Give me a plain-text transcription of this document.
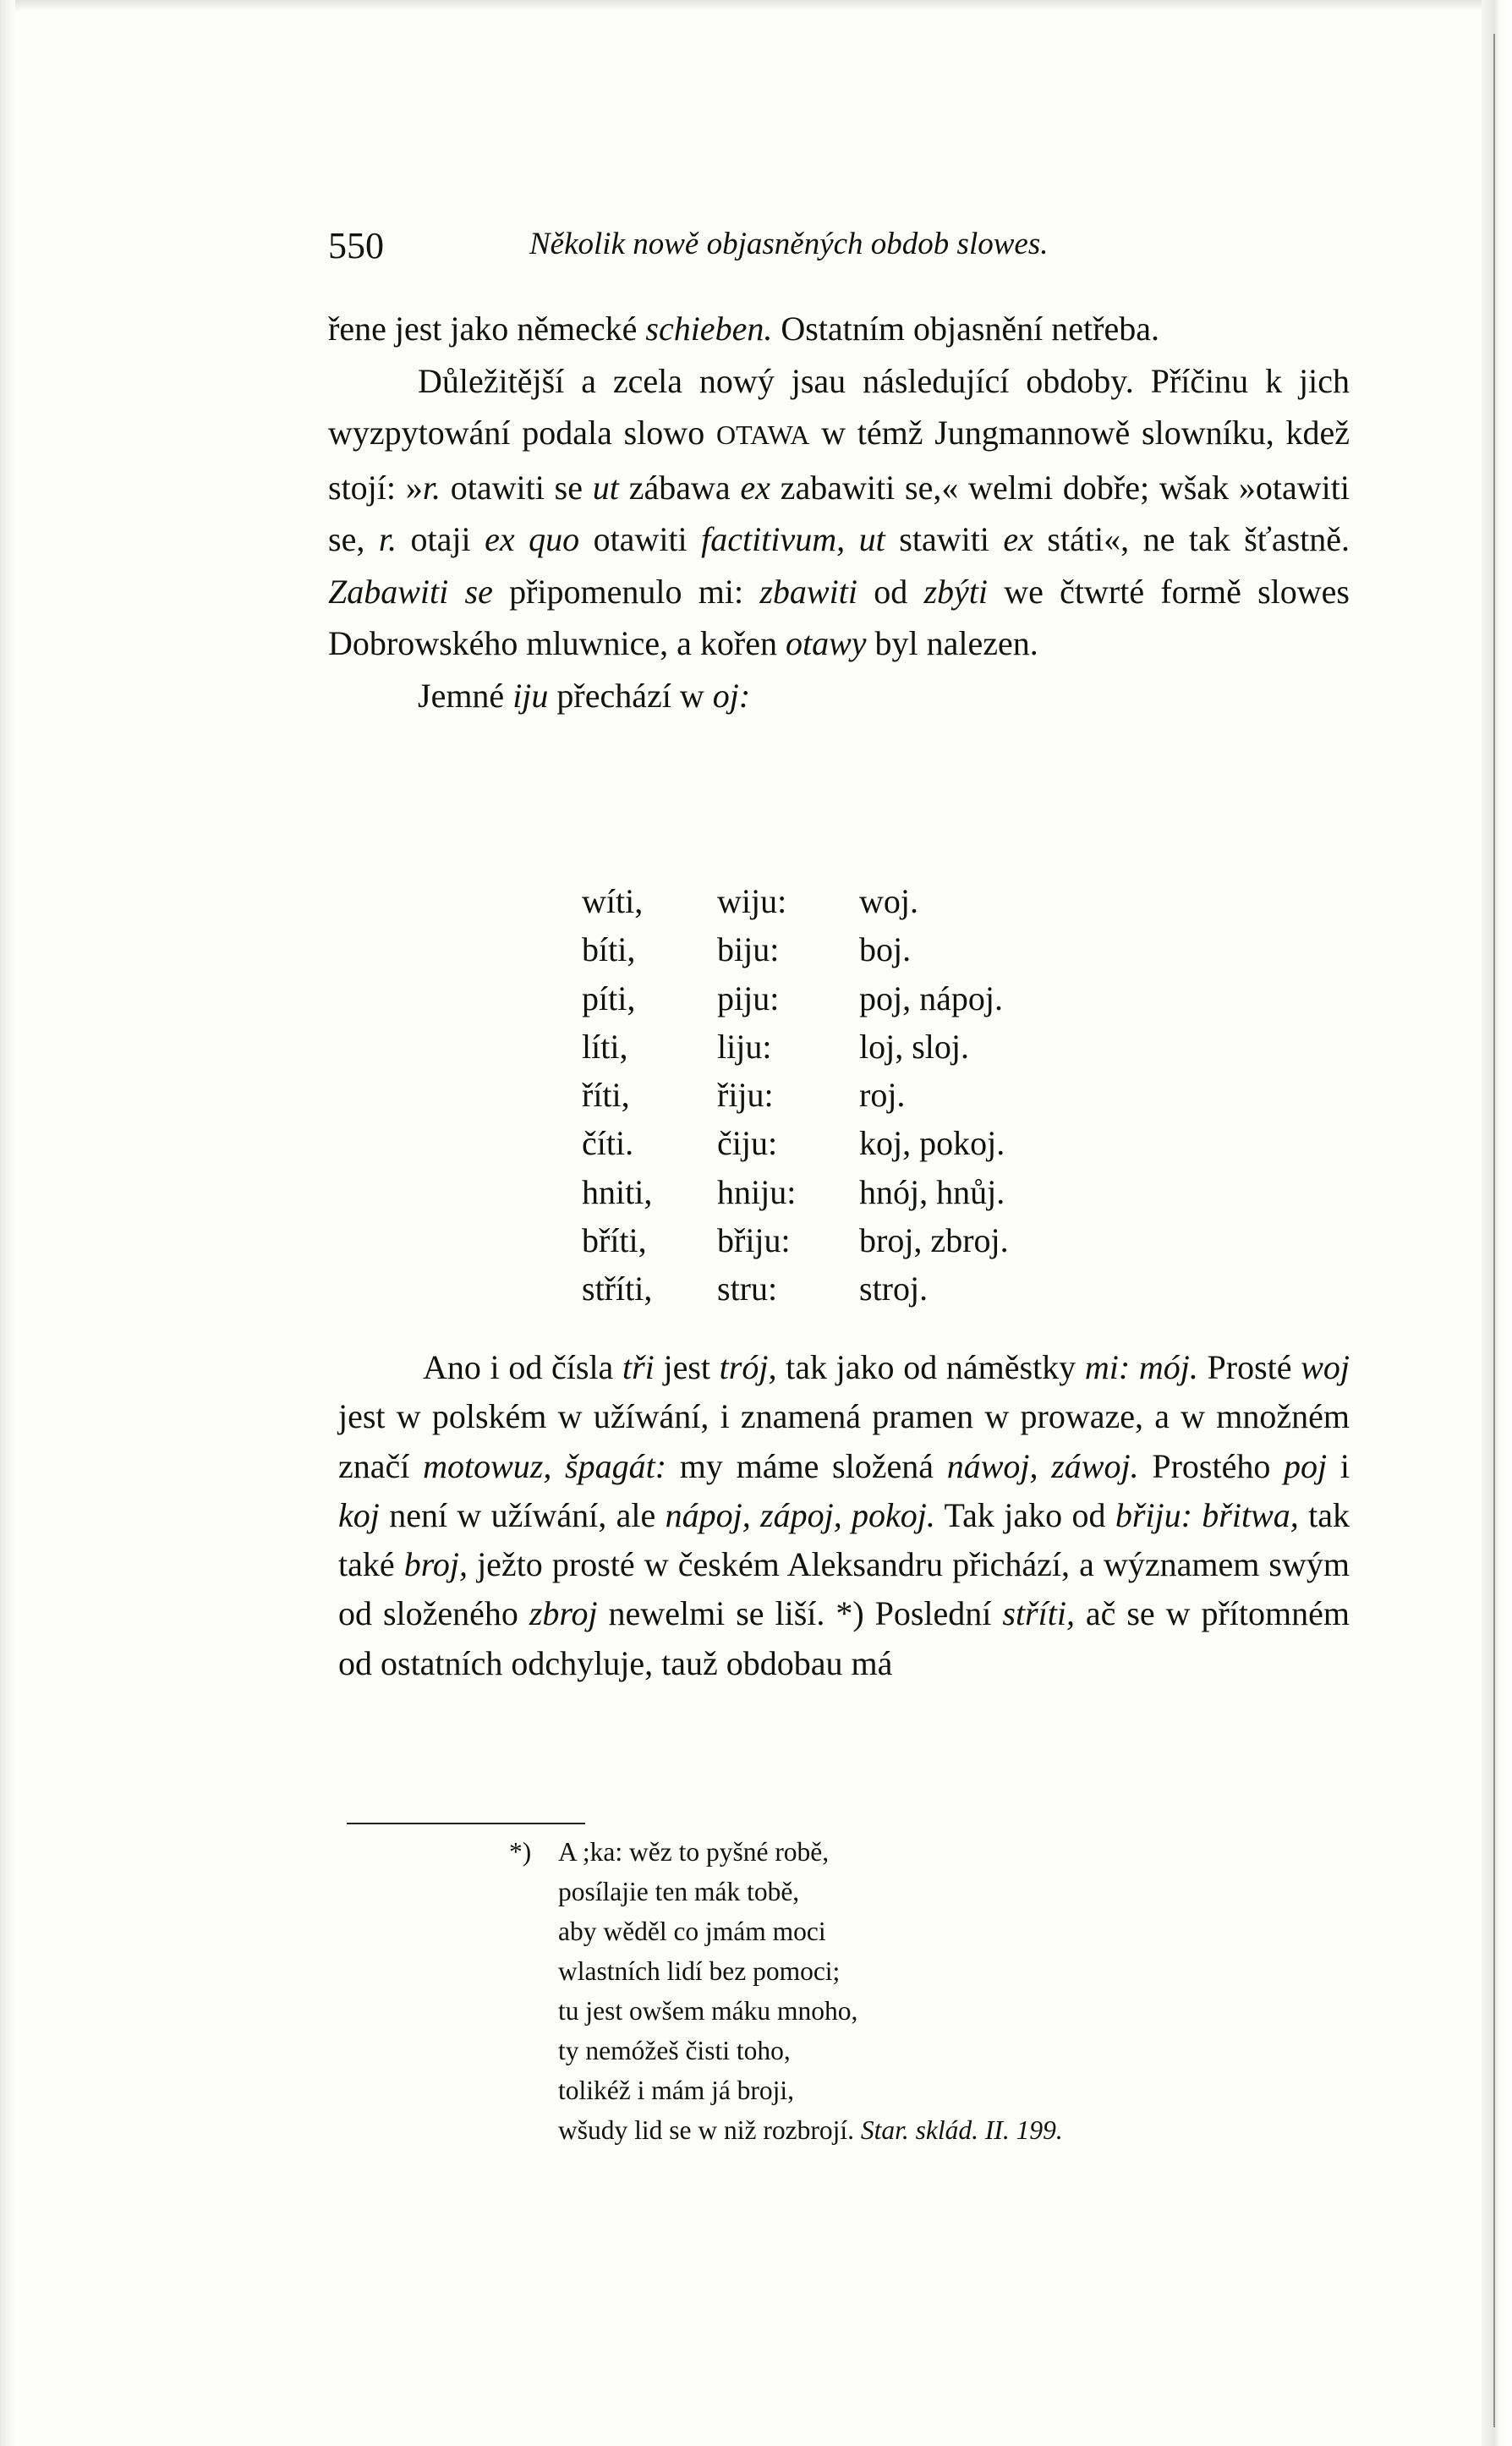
550	Několik nowě objasněných obdob slowes.

řene jest jako německé schieben. Ostatním objasnění netřeba.

Důležitější a zcela nowý jsau následující obdoby. Příčinu k jich wyzpytowání podala slowo OTAWA w témž Jungmannowě slowníku, kdež stojí: »r. otawiti se ut zábawa ex zabawiti se,« welmi dobře; wšak »otawiti se, r. otaji ex quo otawiti factitivum, ut stawiti ex státi«, ne tak šťastně. Zabawiti se připomenulo mi: zbawiti od zbýti we čtwrté formě slowes Dobrowského mluwnice, a kořen otawy byl nalezen.

Jemné iju přechází w oj:

wíti,	wiju:	woj.
bíti,	biju:	boj.
píti,	piju:	poj, nápoj.
líti,	liju:	loj, sloj.
říti,	řiju:	roj.
číti.	čiju:	koj, pokoj.
hniti,	hniju:	hnój, hnůj.
bříti,	břiju:	broj, zbroj.
stříti,	stru:	stroj.

Ano i od čísla tři jest trój, tak jako od náměstky mi: mój. Prosté woj jest w polském w užíwání, i znamená pramen w prowaze, a w množném značí motowuz, špagát: my máme složená náwoj, záwoj. Prostého poj i koj není w užíwání, ale nápoj, zápoj, pokoj. Tak jako od břiju: břitwa, tak také broj, ježto prosté w českém Aleksandru přichází, a wýznamem swým od složeného zbroj newelmi se liší. *) Poslední stříti, ač se w přítomném od ostatních odchyluje, tauž obdobau má

*) A ;ka: wěz to pyšné robě,
posílajie ten mák tobě,
aby wěděl co jmám moci
wlastních lidí bez pomoci;
tu jest owšem máku mnoho,
ty nemóžeš čisti toho,
tolikéž i mám já broji,
wšudy lid se w niž rozbrojí. Star. sklád. II. 199.
